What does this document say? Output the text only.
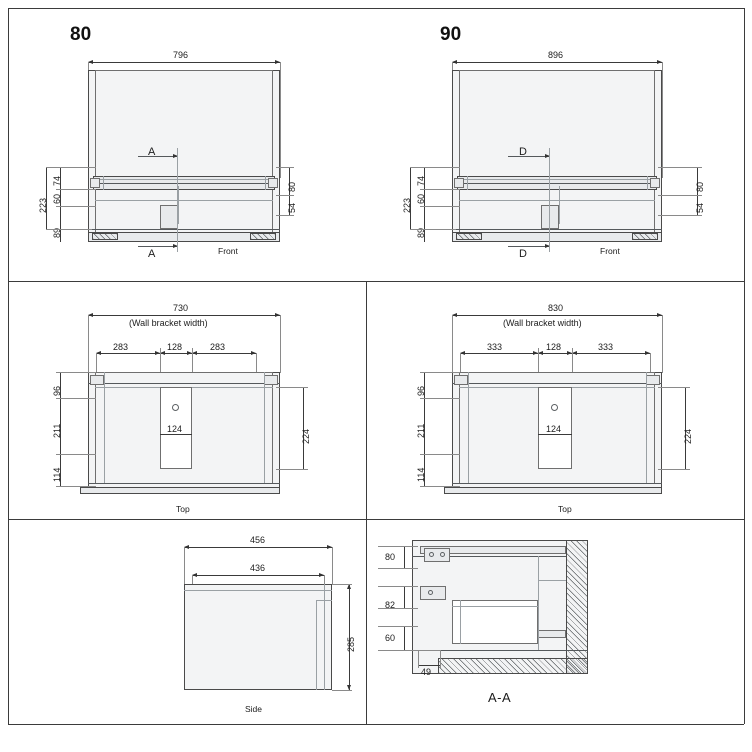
80	90
796
74
223 60
89
80
54
A
A	Front
896
74
223 60
89
80
54
D
D	Front
730
(Wall bracket width)
283	128	283
124
96
211
114
224
Top
830
(Wall bracket width)
333	128	333
124
96
211
114
224
Top
456
436
285
Side
80
82
60
49
A-A
